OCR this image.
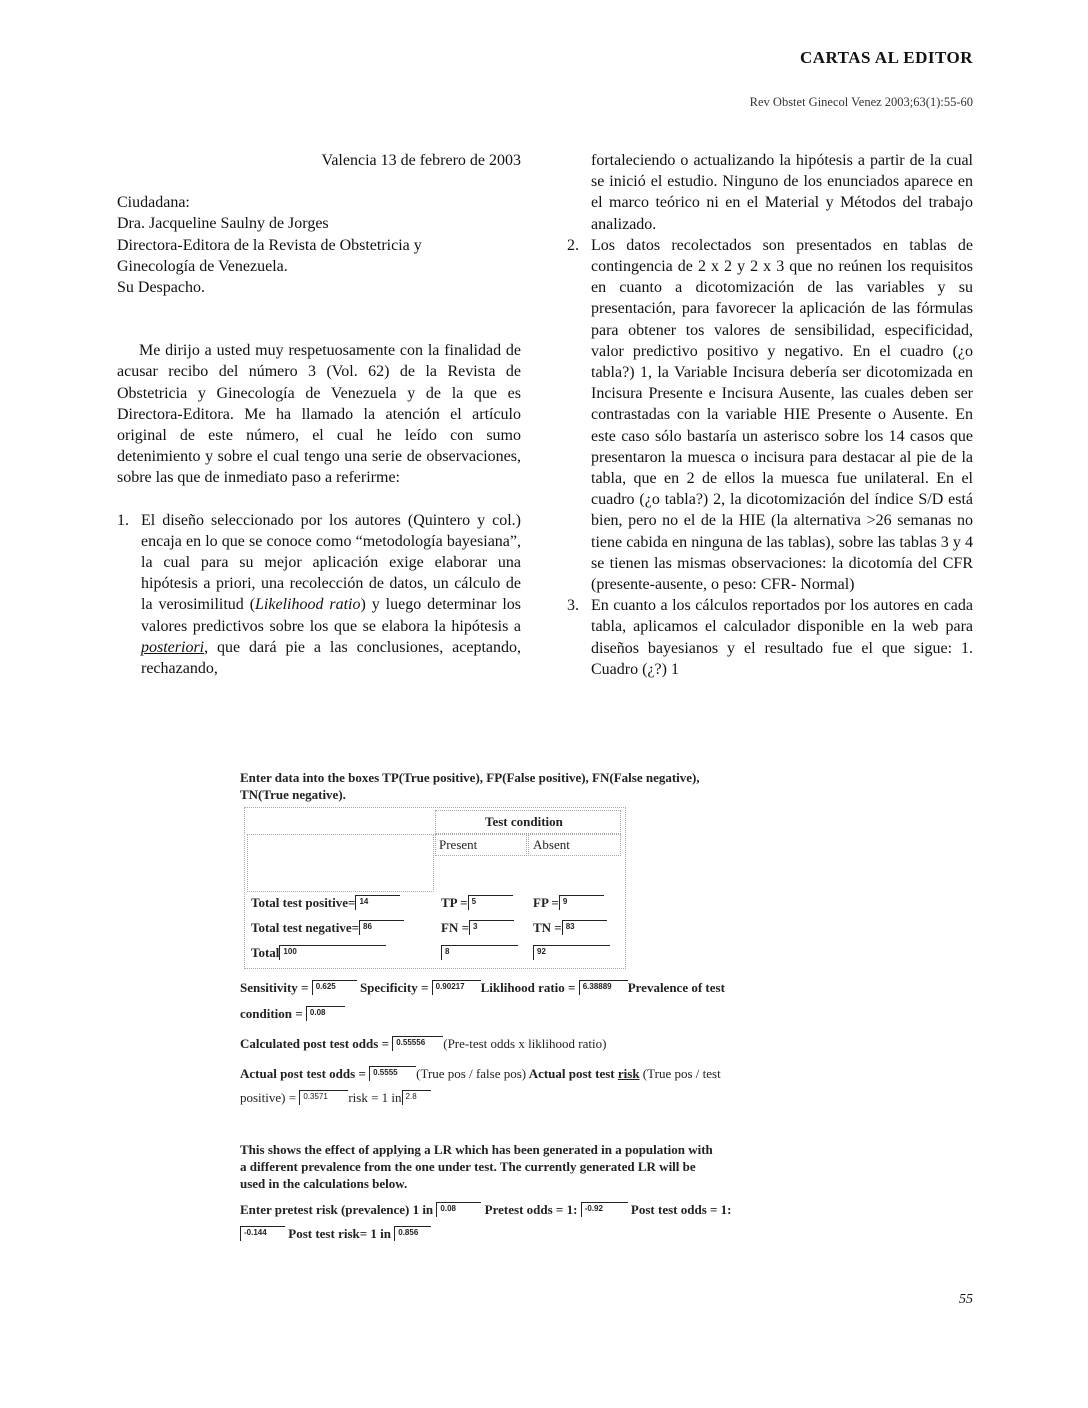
CARTAS AL EDITOR
Rev Obstet Ginecol Venez 2003;63(1):55-60

Valencia 13 de febrero de 2003

Ciudadana:

Dra. Jacqueline Saulny de Jorges

Directora-Editora de la Revista de Obstetricia y

Ginecología de Venezuela.

Su Despacho.

Me dirijo a usted muy respetuosamente con la finalidad de acusar recibo del número 3 (Vol. 62) de la Revista de Obstetricia y Ginecología de Venezuela y de la que es Directora-Editora. Me ha llamado la atención el artículo original de este número, el cual he leído con sumo detenimiento y sobre el cual tengo una serie de observaciones, sobre las que de inmediato paso a referirme:

1. El diseño seleccionado por los autores (Quintero y col.) encaja en lo que se conoce como “metodología bayesiana”, la cual para su mejor aplicación exige elaborar una hipótesis a priori, una recolección de datos, un cálculo de la verosimilitud (Likelihood ratio) y luego determinar los valores predictivos sobre los que se elabora la hipótesis a posteriori, que dará pie a las conclusiones, aceptando, rechazando,
fortaleciendo o actualizando la hipótesis a partir de la cual se inició el estudio. Ninguno de los enunciados aparece en el marco teórico ni en el Material y Métodos del trabajo analizado.
2. Los datos recolectados son presentados en tablas de contingencia de 2 x 2 y 2 x 3 que no reúnen los requisitos en cuanto a dicotomización de las variables y su presentación, para favorecer la aplicación de las fórmulas para obtener tos valores de sensibilidad, especificidad, valor predictivo positivo y negativo. En el cuadro (¿o tabla?) 1, la Variable Incisura debería ser dicotomizada en Incisura Presente e Incisura Ausente, las cuales deben ser contrastadas con la variable HIE Presente o Ausente. En este caso sólo bastaría un asterisco sobre los 14 casos que presentaron la muesca o incisura para destacar al pie de la tabla, que en 2 de ellos la muesca fue unilateral. En el cuadro (¿o tabla?) 2, la dicotomización del índice S/D está bien, pero no el de la HIE (la alternativa >26 semanas no tiene cabida en ninguna de las tablas), sobre las tablas 3 y 4 se tienen las mismas observaciones: la dicotomía del CFR (presente-ausente, o peso: CFR- Normal)
3. En cuanto a los cálculos reportados por los autores en cada tabla, aplicamos el calculador disponible en la web para diseños bayesianos y el resultado fue el que sigue: 1. Cuadro (¿?) 1
Enter data into the boxes TP(True positive), FP(False positive), FN(False negative),
TN(True negative).
Test condition
Present	Absent
Total test positive= 14	TP = 5	FP = 9
Total test negative= 86	FN = 3	TN = 83
Total 100	8	92
Sensitivity = 0.625 Specificity = 0.90217 Liklihood ratio = 6.38889 Prevalence of test
condition = 0.08
Calculated post test odds = 0.55556 (Pre-test odds x liklihood ratio)
Actual post test odds = 0.5555 (True pos / false pos) Actual post test risk (True pos / test
positive) = 0.3571 risk = 1 in 2.8
This shows the effect of applying a LR which has been generated in a population with
a different prevalence from the one under test. The currently generated LR will be
used in the calculations below.
Enter pretest risk (prevalence) 1 in 0.08 Pretest odds = 1: -0.92 Post test odds = 1:
-0.144 Post test risk= 1 in 0.856
55
